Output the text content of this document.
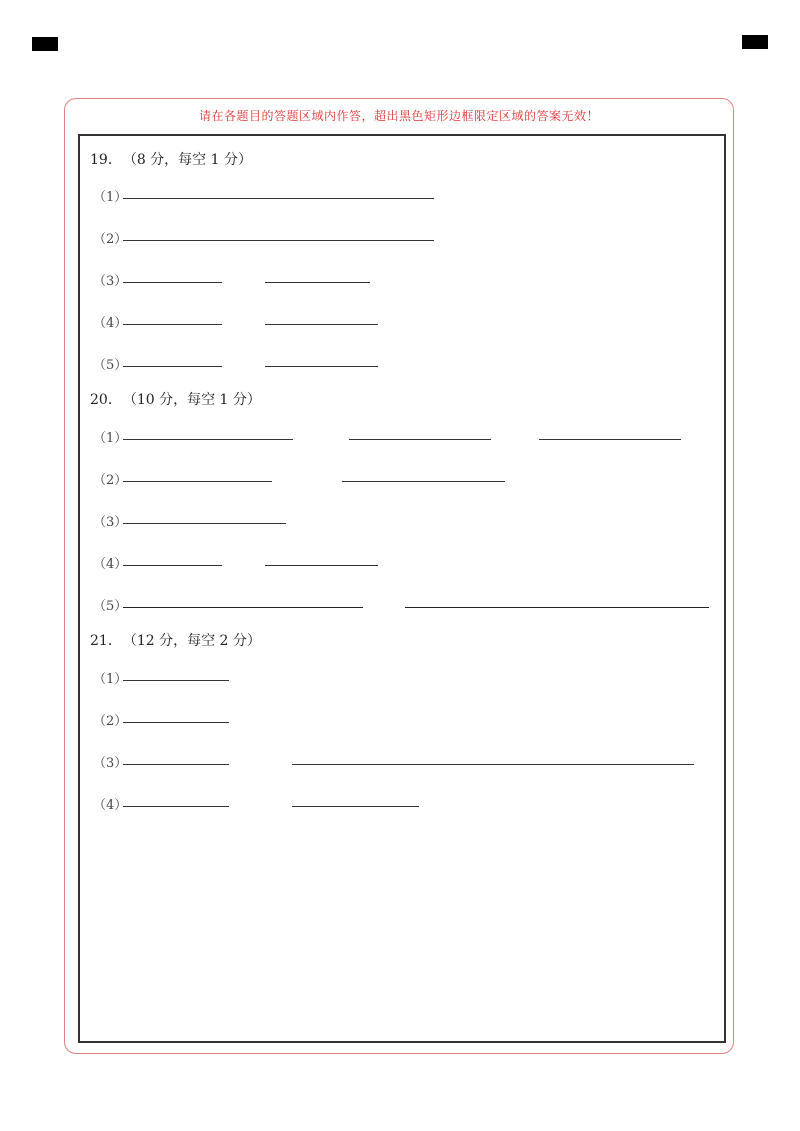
请在各题目的答题区域内作答，超出黑色矩形边框限定区域的答案无效！
19． （8 分，每空 1 分）
（1）
（2）
（3）
（4）
（5）
20． （10 分，每空 1 分）
（1）
（2）
（3）
（4）
（5）
21． （12 分，每空 2 分）
（1）
（2）
（3）
（4）
